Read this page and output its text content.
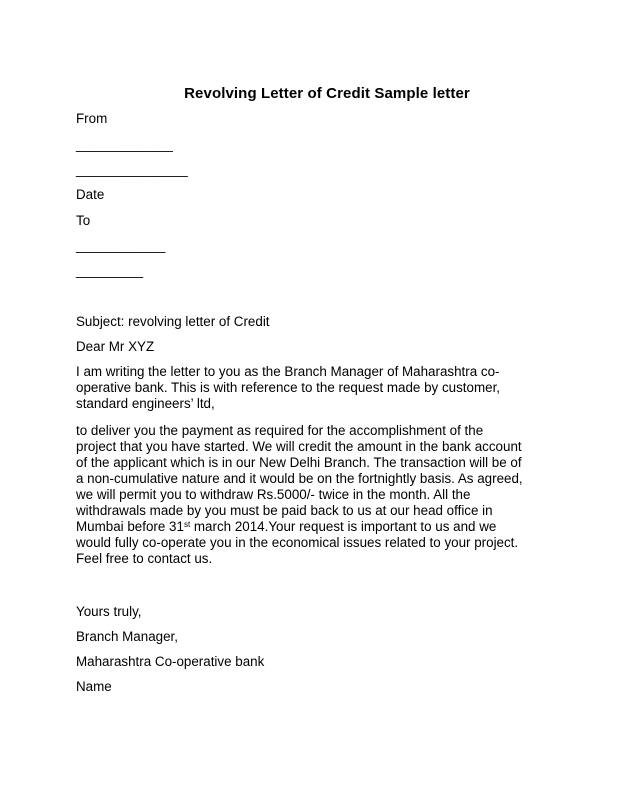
Revolving Letter of Credit Sample letter
From
_____________
_______________
Date
To
____________
_________
Subject: revolving letter of Credit
Dear Mr XYZ
I am writing the letter to you as the Branch Manager of Maharashtra co-
operative bank. This is with reference to the request made by customer,
standard engineers’ ltd,
to deliver you the payment as required for the accomplishment of the
project that you have started. We will credit the amount in the bank account
of the applicant which is in our New Delhi Branch. The transaction will be of
a non-cumulative nature and it would be on the fortnightly basis. As agreed,
we will permit you to withdraw Rs.5000/- twice in the month. All the
withdrawals made by you must be paid back to us at our head office in
Mumbai before 31st march 2014.Your request is important to us and we
would fully co-operate you in the economical issues related to your project.
Feel free to contact us.
Yours truly,
Branch Manager,
Maharashtra Co-operative bank
Name
